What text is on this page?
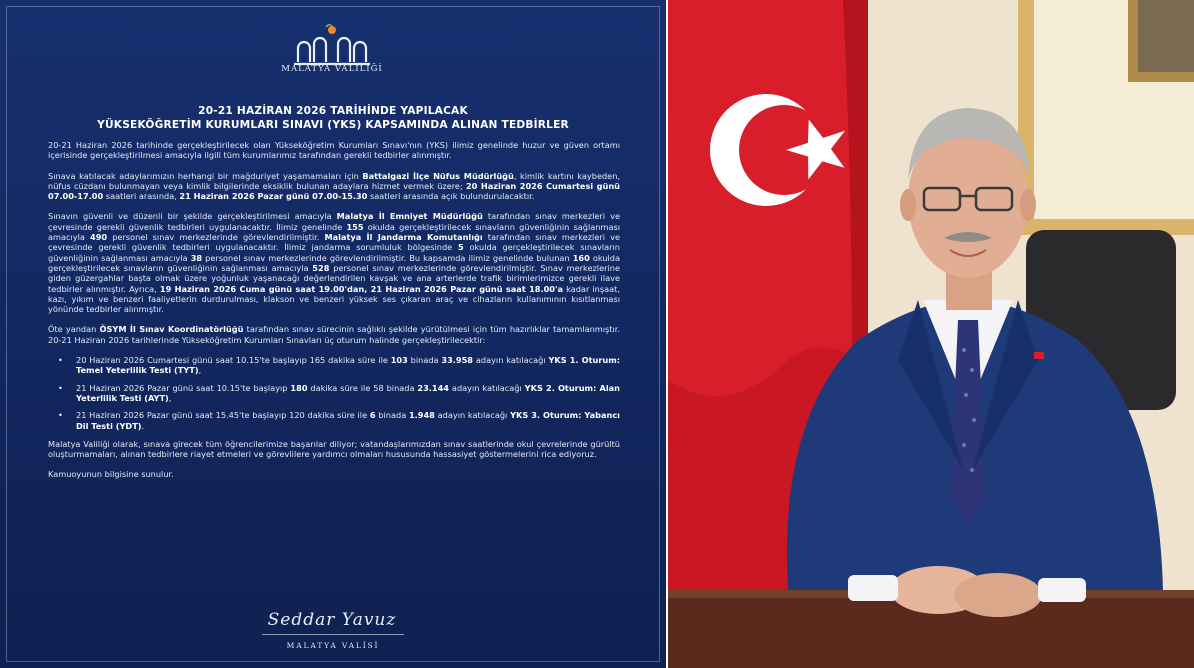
MALATYA VALİLİĞİ
20-21 HAZİRAN 2026 TARİHİNDE YAPILACAK
YÜKSEKÖĞRETİM KURUMLARI SINAVI (YKS) KAPSAMINDA ALINAN TEDBİRLER

20-21 Haziran 2026 tarihinde gerçekleştirilecek olan Yükseköğretim Kurumları Sınavı'nın (YKS) ilimiz genelinde huzur ve güven ortamı içerisinde gerçekleştirilmesi amacıyla ilgili tüm kurumlarımız tarafından gerekli tedbirler alınmıştır.

Sınava katılacak adaylarımızın herhangi bir mağduriyet yaşamamaları için Battalgazi İlçe Nüfus Müdürlüğü, kimlik kartını kaybeden, nüfus cüzdanı bulunmayan veya kimlik bilgilerinde eksiklik bulunan adaylara hizmet vermek üzere; 20 Haziran 2026 Cumartesi günü 07.00-17.00 saatleri arasında, 21 Haziran 2026 Pazar günü 07.00-15.30 saatleri arasında açık bulundurulacaktır.

Sınavın güvenli ve düzenli bir şekilde gerçekleştirilmesi amacıyla Malatya İl Emniyet Müdürlüğü tarafından sınav merkezleri ve çevresinde gerekli güvenlik tedbirleri uygulanacaktır. İlimiz genelinde 155 okulda gerçekleştirilecek sınavların güvenliğinin sağlanması amacıyla 490 personel sınav merkezlerinde görevlendirilmiştir. Malatya İl Jandarma Komutanlığı tarafından sınav merkezleri ve çevresinde gerekli güvenlik tedbirleri uygulanacaktır. İlimiz jandarma sorumluluk bölgesinde 5 okulda gerçekleştirilecek sınavların güvenliğinin sağlanması amacıyla 38 personel sınav merkezlerinde görevlendirilmiştir. Bu kapsamda ilimiz genelinde bulunan 160 okulda gerçekleştirilecek sınavların güvenliğinin sağlanması amacıyla 528 personel sınav merkezlerinde görevlendirilmiştir. Sınav merkezlerine giden güzergahlar başta olmak üzere yoğunluk yaşanacağı değerlendirilen kavşak ve ana arterlerde trafik birimlerimizce gerekli ilave tedbirler alınmıştır. Ayrıca, 19 Haziran 2026 Cuma günü saat 19.00'dan, 21 Haziran 2026 Pazar günü saat 18.00'a kadar inşaat, kazı, yıkım ve benzeri faaliyetlerin durdurulması, klakson ve benzeri yüksek ses çıkaran araç ve cihazların kullanımının kısıtlanması yönünde tedbirler alınmıştır.

Öte yandan ÖSYM İl Sınav Koordinatörlüğü tarafından sınav sürecinin sağlıklı şekilde yürütülmesi için tüm hazırlıklar tamamlanmıştır. 20-21 Haziran 2026 tarihlerinde Yükseköğretim Kurumları Sınavları üç oturum halinde gerçekleştirilecektir:

• 20 Haziran 2026 Cumartesi günü saat 10.15'te başlayıp 165 dakika süre ile 103 binada 33.958 adayın katılacağı YKS 1. Oturum: Temel Yeterlilik Testi (TYT),
• 21 Haziran 2026 Pazar günü saat 10.15'te başlayıp 180 dakika süre ile 58 binada 23.144 adayın katılacağı YKS 2. Oturum: Alan Yeterlilik Testi (AYT),
• 21 Haziran 2026 Pazar günü saat 15.45'te başlayıp 120 dakika süre ile 6 binada 1.948 adayın katılacağı YKS 3. Oturum: Yabancı Dil Testi (YDT).

Malatya Valiliği olarak, sınava girecek tüm öğrencilerimize başarılar diliyor; vatandaşlarımızdan sınav saatlerinde okul çevrelerinde gürültü oluşturmamaları, alınan tedbirlere riayet etmeleri ve görevlilere yardımcı olmaları hususunda hassasiyet göstermelerini rica ediyoruz.

Kamuoyunun bilgisine sunulur.

Seddar Yavuz
MALATYA VALİSİ
